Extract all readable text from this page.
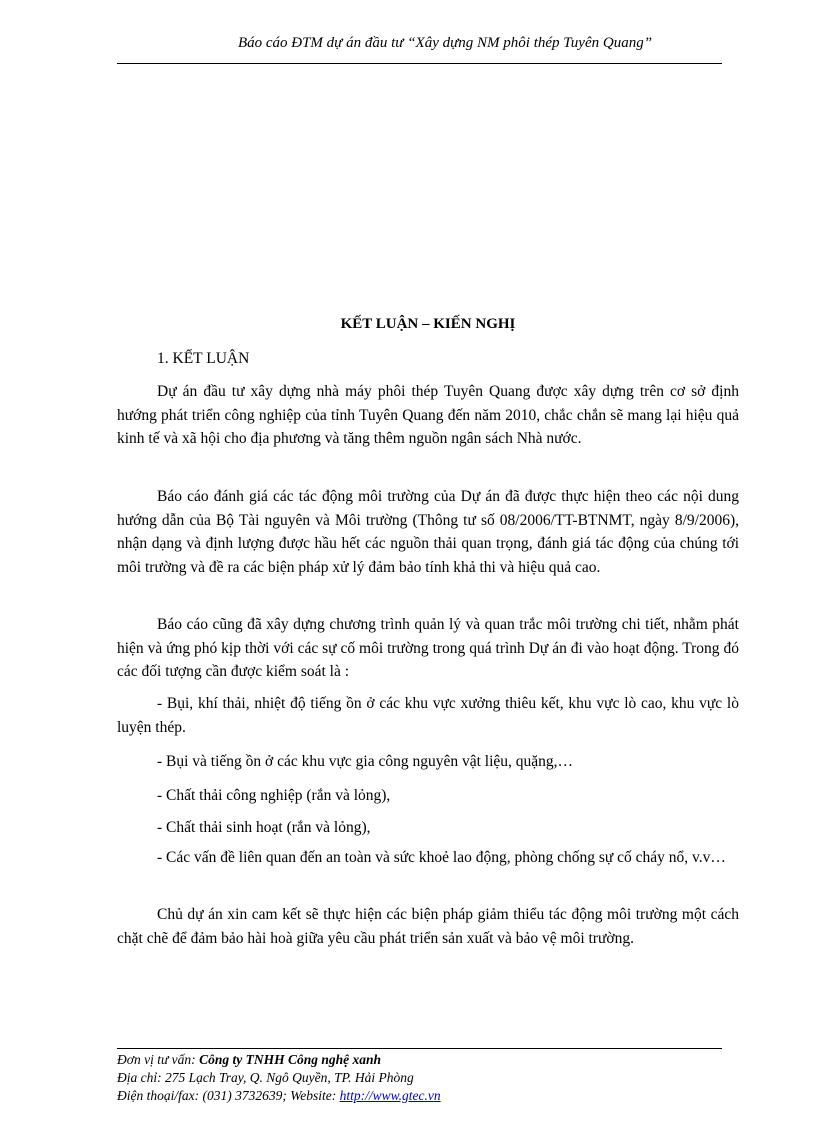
Báo cáo ĐTM dự án đầu tư “Xây dựng NM phôi thép Tuyên Quang”
KẾT LUẬN – KIẾN NGHỊ
1. KẾT LUẬN

Dự án đầu tư xây dựng nhà máy phôi thép Tuyên Quang được xây dựng trên cơ sở định hướng phát triển công nghiệp của tỉnh Tuyên Quang đến năm 2010, chắc chắn sẽ mang lại hiệu quả kinh tế và xã hội cho địa phương và tăng thêm nguồn ngân sách Nhà nước.

Báo cáo đánh giá các tác động môi trường của Dự án đã được thực hiện theo các nội dung hướng dẫn của Bộ Tài nguyên và Môi trường (Thông tư số 08/2006/TT-BTNMT, ngày 8/9/2006), nhận dạng và định lượng được hầu hết các nguồn thải quan trọng, đánh giá tác động của chúng tới môi trường và đề ra các biện pháp xử lý đảm bảo tính khả thi và hiệu quả cao.

Báo cáo cũng đã xây dựng chương trình quản lý và quan trắc môi trường chi tiết, nhằm phát hiện và ứng phó kịp thời với các sự cố môi trường trong quá trình Dự án đi vào hoạt động. Trong đó các đối tượng cần được kiểm soát là :

- Bụi, khí thải, nhiệt độ tiếng ồn ở các khu vực xưởng thiêu kết, khu vực lò cao, khu vực lò luyện thép.

- Bụi và tiếng ồn ở các khu vực gia công nguyên vật liệu, quặng,…

- Chất thải công nghiệp (rắn và lỏng),

- Chất thải sinh hoạt (rắn và lỏng),

- Các vấn đề liên quan đến an toàn và sức khoẻ lao động, phòng chống sự cố cháy nổ, v.v…

Chủ dự án xin cam kết sẽ thực hiện các biện pháp giảm thiểu tác động môi trường một cách chặt chẽ để đảm bảo hài hoà giữa yêu cầu phát triển sản xuất và bảo vệ môi trường.

Đơn vị tư vấn: Công ty TNHH Công nghệ xanh
Địa chỉ: 275 Lạch Tray, Q. Ngô Quyền, TP. Hải Phòng
Điện thoại/fax: (031) 3732639; Website: http://www.gtec.vn
